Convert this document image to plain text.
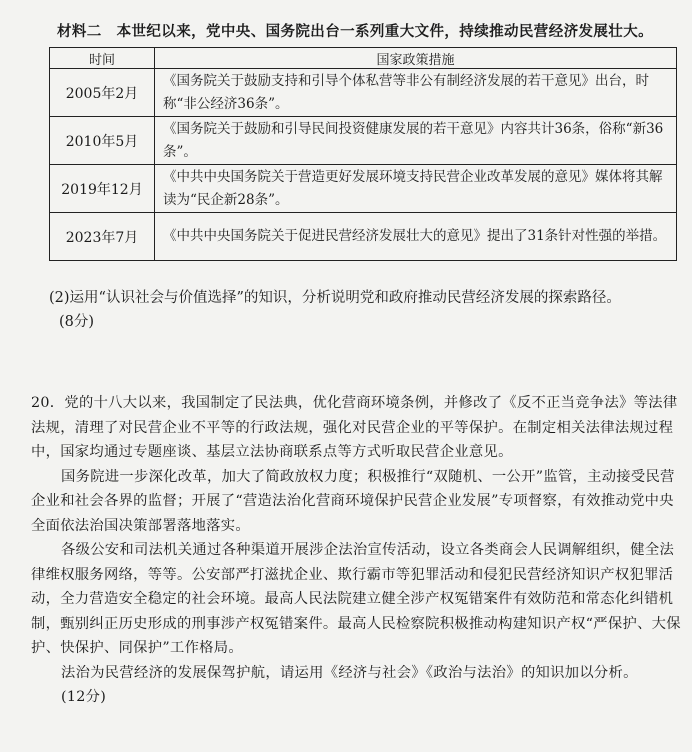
材料二　本世纪以来，党中央、国务院出台一系列重大文件，持续推动民营经济发展壮大。
时间	国家政策措施
2005年2月	《国务院关于鼓励支持和引导个体私营等非公有制经济发展的若干意见》出台，时称“非公经济36条”。
2010年5月	《国务院关于鼓励和引导民间投资健康发展的若干意见》内容共计36条，俗称“新36条”。
2019年12月	《中共中央国务院关于营造更好发展环境支持民营企业改革发展的意见》媒体将其解读为“民企新28条”。
2023年7月	《中共中央国务院关于促进民营经济发展壮大的意见》提出了31条针对性强的举措。
(2)运用“认识社会与价值选择”的知识，分析说明党和政府推动民营经济发展的探索路径。
(8分)

20．党的十八大以来，我国制定了民法典，优化营商环境条例，并修改了《反不正当竞争法》等法律法规，清理了对民营企业不平等的行政法规，强化对民营企业的平等保护。在制定相关法律法规过程中，国家均通过专题座谈、基层立法协商联系点等方式听取民营企业意见。

国务院进一步深化改革，加大了简政放权力度；积极推行“双随机、一公开”监管，主动接受民营企业和社会各界的监督；开展了“营造法治化营商环境保护民营企业发展”专项督察，有效推动党中央全面依法治国决策部署落地落实。

各级公安和司法机关通过各种渠道开展涉企法治宣传活动，设立各类商会人民调解组织，健全法律维权服务网络，等等。公安部严打滋扰企业、欺行霸市等犯罪活动和侵犯民营经济知识产权犯罪活动，全力营造安全稳定的社会环境。最高人民法院建立健全涉产权冤错案件有效防范和常态化纠错机制，甄别纠正历史形成的刑事涉产权冤错案件。最高人民检察院积极推动构建知识产权“严保护、大保护、快保护、同保护”工作格局。

法治为民营经济的发展保驾护航，请运用《经济与社会》《政治与法治》的知识加以分析。

(12分)
